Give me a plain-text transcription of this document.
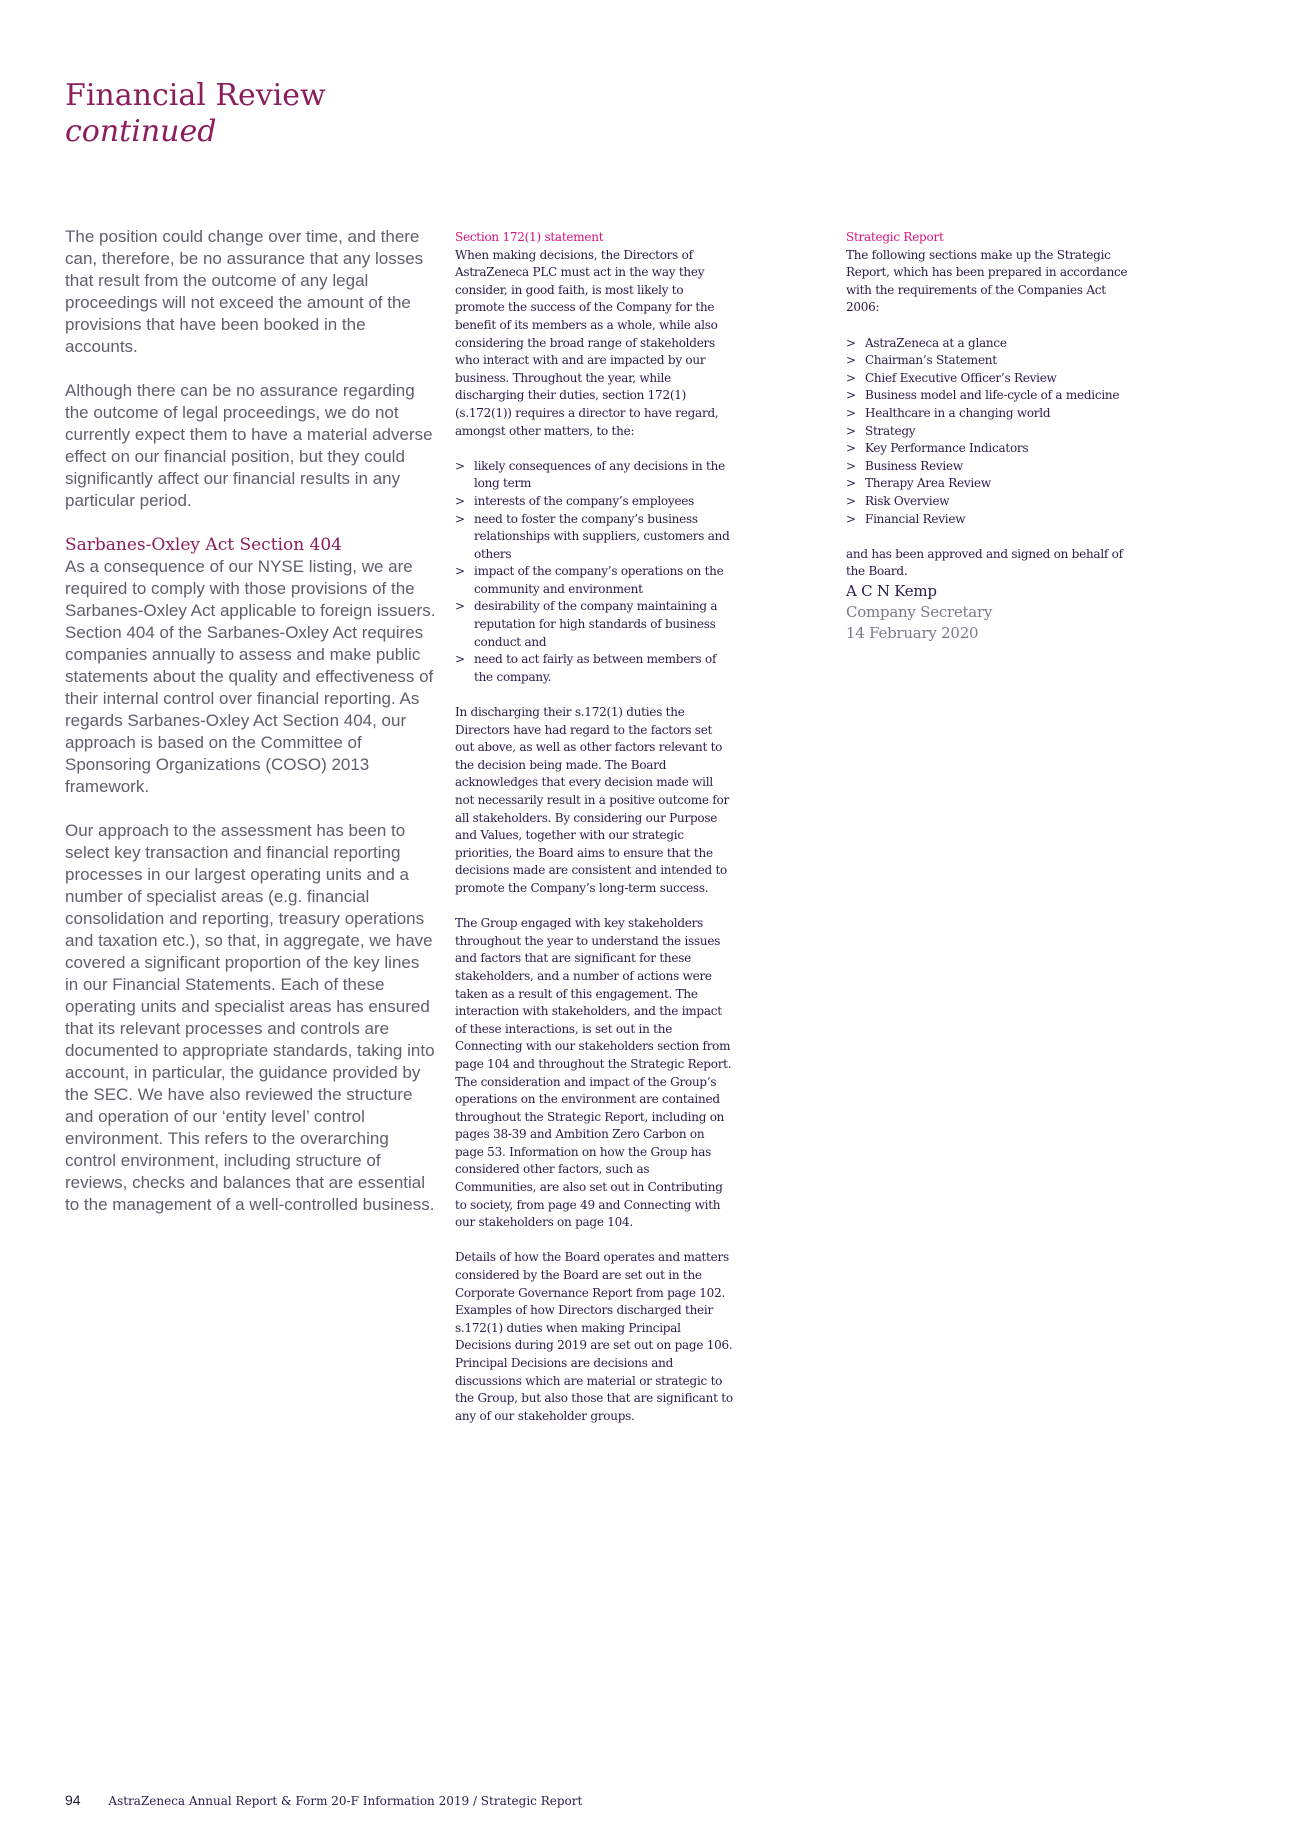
Financial Review
continued

The position could change over time, and there can, therefore, be no assurance that any losses that result from the outcome of any legal proceedings will not exceed the amount of the provisions that have been booked in the accounts.

Although there can be no assurance regarding the outcome of legal proceedings, we do not currently expect them to have a material adverse effect on our financial position, but they could significantly affect our financial results in any particular period.

Sarbanes-Oxley Act Section 404

As a consequence of our NYSE listing, we are required to comply with those provisions of the Sarbanes-Oxley Act applicable to foreign issuers. Section 404 of the Sarbanes-Oxley Act requires companies annually to assess and make public statements about the quality and effectiveness of their internal control over financial reporting. As regards Sarbanes-Oxley Act Section 404, our approach is based on the Committee of Sponsoring Organizations (COSO) 2013 framework.

Our approach to the assessment has been to select key transaction and financial reporting processes in our largest operating units and a number of specialist areas (e.g. financial consolidation and reporting, treasury operations and taxation etc.), so that, in aggregate, we have covered a significant proportion of the key lines in our Financial Statements. Each of these operating units and specialist areas has ensured that its relevant processes and controls are documented to appropriate standards, taking into account, in particular, the guidance provided by the SEC. We have also reviewed the structure and operation of our ‘entity level’ control environment. This refers to the overarching control environment, including structure of reviews, checks and balances that are essential to the management of a well-controlled business.

Section 172(1) statement
When making decisions, the Directors of AstraZeneca PLC must act in the way they consider, in good faith, is most likely to promote the success of the Company for the benefit of its members as a whole, while also considering the broad range of stakeholders who interact with and are impacted by our business. Throughout the year, while discharging their duties, section 172(1) (s.172(1)) requires a director to have regard, amongst other matters, to the:

> likely consequences of any decisions in the long term
> interests of the company’s employees
> need to foster the company’s business relationships with suppliers, customers and others
> impact of the company’s operations on the community and environment
> desirability of the company maintaining a reputation for high standards of business conduct and
> need to act fairly as between members of the company.

In discharging their s.172(1) duties the Directors have had regard to the factors set out above, as well as other factors relevant to the decision being made. The Board acknowledges that every decision made will not necessarily result in a positive outcome for all stakeholders. By considering our Purpose and Values, together with our strategic priorities, the Board aims to ensure that the decisions made are consistent and intended to promote the Company’s long-term success.

The Group engaged with key stakeholders throughout the year to understand the issues and factors that are significant for these stakeholders, and a number of actions were taken as a result of this engagement. The interaction with stakeholders, and the impact of these interactions, is set out in the Connecting with our stakeholders section from page 104 and throughout the Strategic Report. The consideration and impact of the Group’s operations on the environment are contained throughout the Strategic Report, including on pages 38-39 and Ambition Zero Carbon on page 53. Information on how the Group has considered other factors, such as Communities, are also set out in Contributing to society, from page 49 and Connecting with our stakeholders on page 104.

Details of how the Board operates and matters considered by the Board are set out in the Corporate Governance Report from page 102. Examples of how Directors discharged their s.172(1) duties when making Principal Decisions during 2019 are set out on page 106. Principal Decisions are decisions and discussions which are material or strategic to the Group, but also those that are significant to any of our stakeholder groups.

Strategic Report
The following sections make up the Strategic Report, which has been prepared in accordance with the requirements of the Companies Act 2006:

> AstraZeneca at a glance
> Chairman’s Statement
> Chief Executive Officer’s Review
> Business model and life-cycle of a medicine
> Healthcare in a changing world
> Strategy
> Key Performance Indicators
> Business Review
> Therapy Area Review
> Risk Overview
> Financial Review

and has been approved and signed on behalf of the Board.

A C N Kemp
Company Secretary
14 February 2020
94 AstraZeneca Annual Report & Form 20-F Information 2019 / Strategic Report
